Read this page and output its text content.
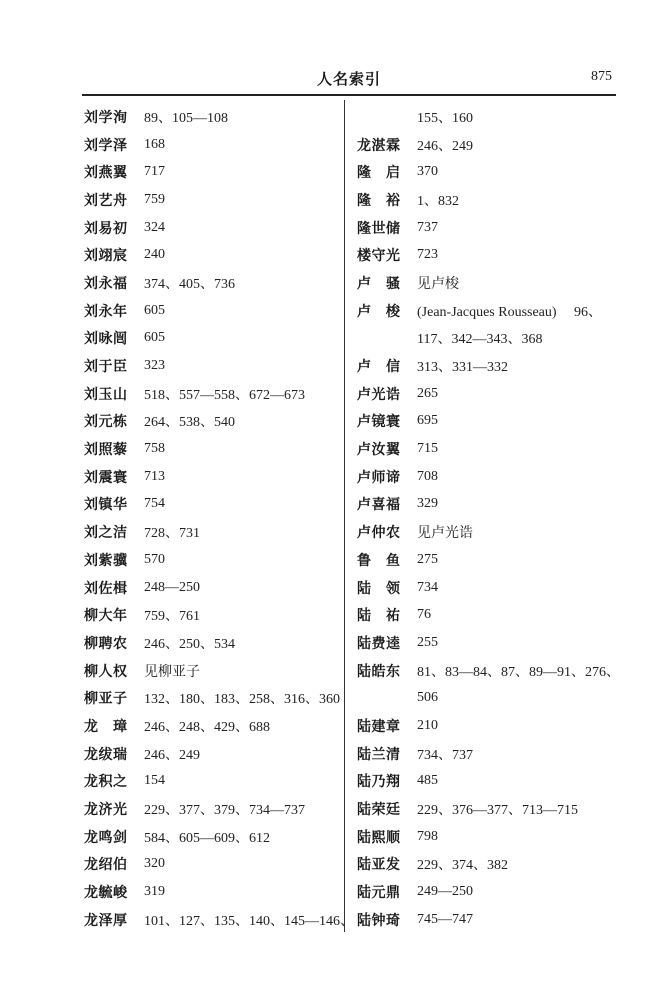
人名索引	875
刘学洵	89、105—108
刘学泽	168
刘燕翼	717
刘艺舟	759
刘易初	324
刘翊宸	240
刘永福	374、405、736
刘永年	605
刘咏闿	605
刘于臣	323
刘玉山	518、557—558、672—673
刘元栋	264、538、540
刘照藜	758
刘震寰	713
刘镇华	754
刘之洁	728、731
刘紫骥	570
刘佐楫	248—250
柳大年	759、761
柳聘农	246、250、534
柳人权	见柳亚子
柳亚子	132、180、183、258、316、360
龙　璋	246、248、429、688
龙绂瑞	246、249
龙积之	154
龙济光	229、377、379、734—737
龙鸣剑	584、605—609、612
龙绍伯	320
龙毓峻	319
龙泽厚	101、127、135、140、145—146、
155、160
龙湛霖	246、249
隆　启	370
隆　裕	1、832
隆世储	737
楼守光	723
卢　骚	见卢梭
卢　梭	(Jean-Jacques Rousseau)　 96、
117、342—343、368
卢　信	313、331—332
卢光诰	265
卢镜寰	695
卢汝翼	715
卢师谛	708
卢喜福	329
卢仲农	见卢光诰
鲁　鱼	275
陆　领	734
陆　祐	76
陆费逵	255
陆皓东	81、83—84、87、89—91、276、
506
陆建章	210
陆兰清	734、737
陆乃翔	485
陆荣廷	229、376—377、713—715
陆熙顺	798
陆亚发	229、374、382
陆元鼎	249—250
陆钟琦	745—747
